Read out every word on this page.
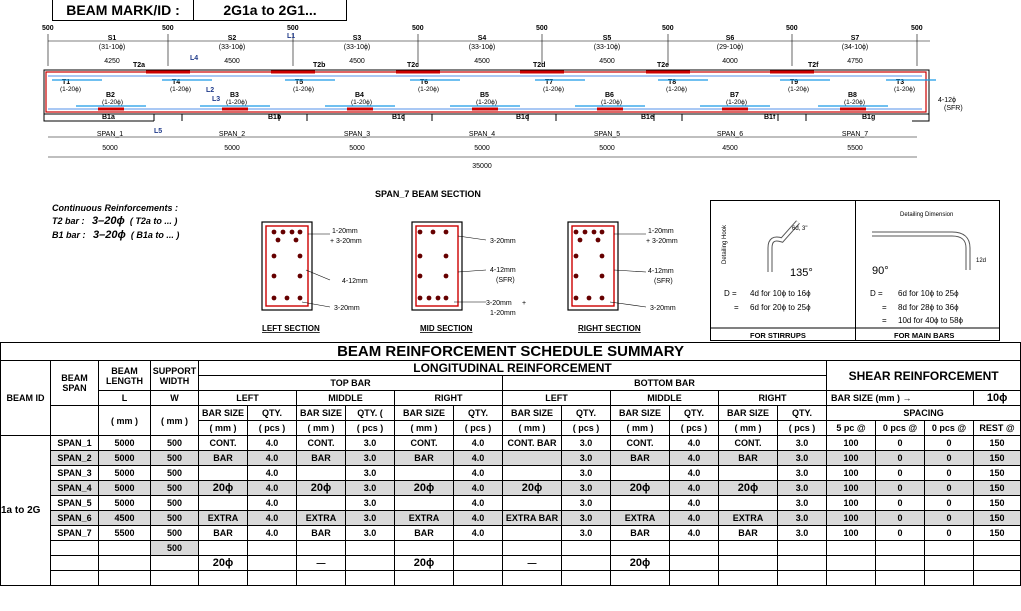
BEAM MARK/ID :	2G1a to 2G1...
500	500	500	500	500	500	500	500
S1
(31-10ϕ)
4250
S2
(33-10ϕ)
4500
S3
(33-10ϕ)
4500
S4
(33-10ϕ)
4500
S5
(33-10ϕ)
4500
S6
(29-10ϕ)
4000
S7
(34-10ϕ)
4750
T2a	T2b	T2c	T2d	T2e	T2f
T1
(1-20ϕ)
T4
(1-20ϕ)
T5
(1-20ϕ)
T6
(1-20ϕ)
T7
(1-20ϕ)
T8
(1-20ϕ)
T9
(1-20ϕ)
T3
(1-20ϕ)
B2
(1-20ϕ)
B3
(1-20ϕ)
B4
(1-20ϕ)
B5
(1-20ϕ)
B6
(1-20ϕ)
B7
(1-20ϕ)
B8
(1-20ϕ)
B1a	B1b	B1c	B1d	B1e	B1f	B1g
4-12ϕ
(SFR)
L1
L2
L3
L4
L5
SPAN_1
5000
SPAN_2
5000
SPAN_3
5000
SPAN_4
5000
SPAN_5
5000
SPAN_6
4500
SPAN_7
5500
35000
Continuous Reinforcements :
T2 bar : 3–20ϕ ( T2a to ... )
B1 bar : 3–20ϕ ( B1a to ... )
SPAN_7 BEAM SECTION
1-20mm
+ 3-20mm
4-12mm
3-20mm
LEFT SECTION
3-20mm
4-12mm
(SFR)
3-20mm +
1-20mm
MID SECTION
1-20mm
+ 3-20mm
4-12mm
(SFR)
3-20mm
RIGHT SECTION
Detailing Hook	6d, 3"
135°
D = 4d for 10ϕ to 16ϕ
= 6d for 20ϕ to 25ϕ
FOR STIRRUPS
Detailing Dimension
90°
12d
D = 6d for 10ϕ to 25ϕ
= 8d for 28ϕ to 36ϕ
= 10d for 40ϕ to 58ϕ
FOR MAIN BARS
BEAM REINFORCEMENT SCHEDULE SUMMARY																			
BEAM ID	BEAM SPAN	BEAM LENGTH	SUPPORT WIDTH	LONGITUDINAL REINFORCEMENT												SHEAR REINFORCEMENT			
				TOP BAR						BOTTOM BAR									
		L	W	LEFT		MIDDLE		RIGHT		LEFT		MIDDLE		RIGHT		BAR SIZE (mm ) →			10ϕ
		( mm )	( mm )	BAR SIZE	QTY.	BAR SIZE	QTY. (	BAR SIZE	QTY.	BAR SIZE	QTY.	BAR SIZE	QTY.	BAR SIZE	QTY.	SPACING			
				( mm )	( pcs )	( mm )	( pcs )	( mm )	( pcs )	( mm )	( pcs )	( mm )	( pcs )	( mm )	( pcs )	5 pc @	0 pcs @	0 pcs @	REST @
1a to 2G	SPAN_1	5000	500	CONT.	4.0	CONT.	3.0	CONT.	4.0	CONT. BAR	3.0	CONT.	4.0	CONT.	3.0	100	0	0	150
	SPAN_2	5000	500	BAR	4.0	BAR	3.0	BAR	4.0		3.0	BAR	4.0	BAR	3.0	100	0	0	150
	SPAN_3	5000	500		4.0		3.0		4.0		3.0		4.0		3.0	100	0	0	150
	SPAN_4	5000	500	20ϕ	4.0	20ϕ	3.0	20ϕ	4.0	20ϕ	3.0	20ϕ	4.0	20ϕ	3.0	100	0	0	150
	SPAN_5	5000	500		4.0		3.0		4.0		3.0		4.0		3.0	100	0	0	150
	SPAN_6	4500	500	EXTRA	4.0	EXTRA	3.0	EXTRA	4.0	EXTRA BAR	3.0	EXTRA	4.0	EXTRA	3.0	100	0	0	150
	SPAN_7	5500	500	BAR	4.0	BAR	3.0	BAR	4.0		3.0	BAR	4.0	BAR	3.0	100	0	0	150
			500																
				20ϕ		—		20ϕ		—		20ϕ							
